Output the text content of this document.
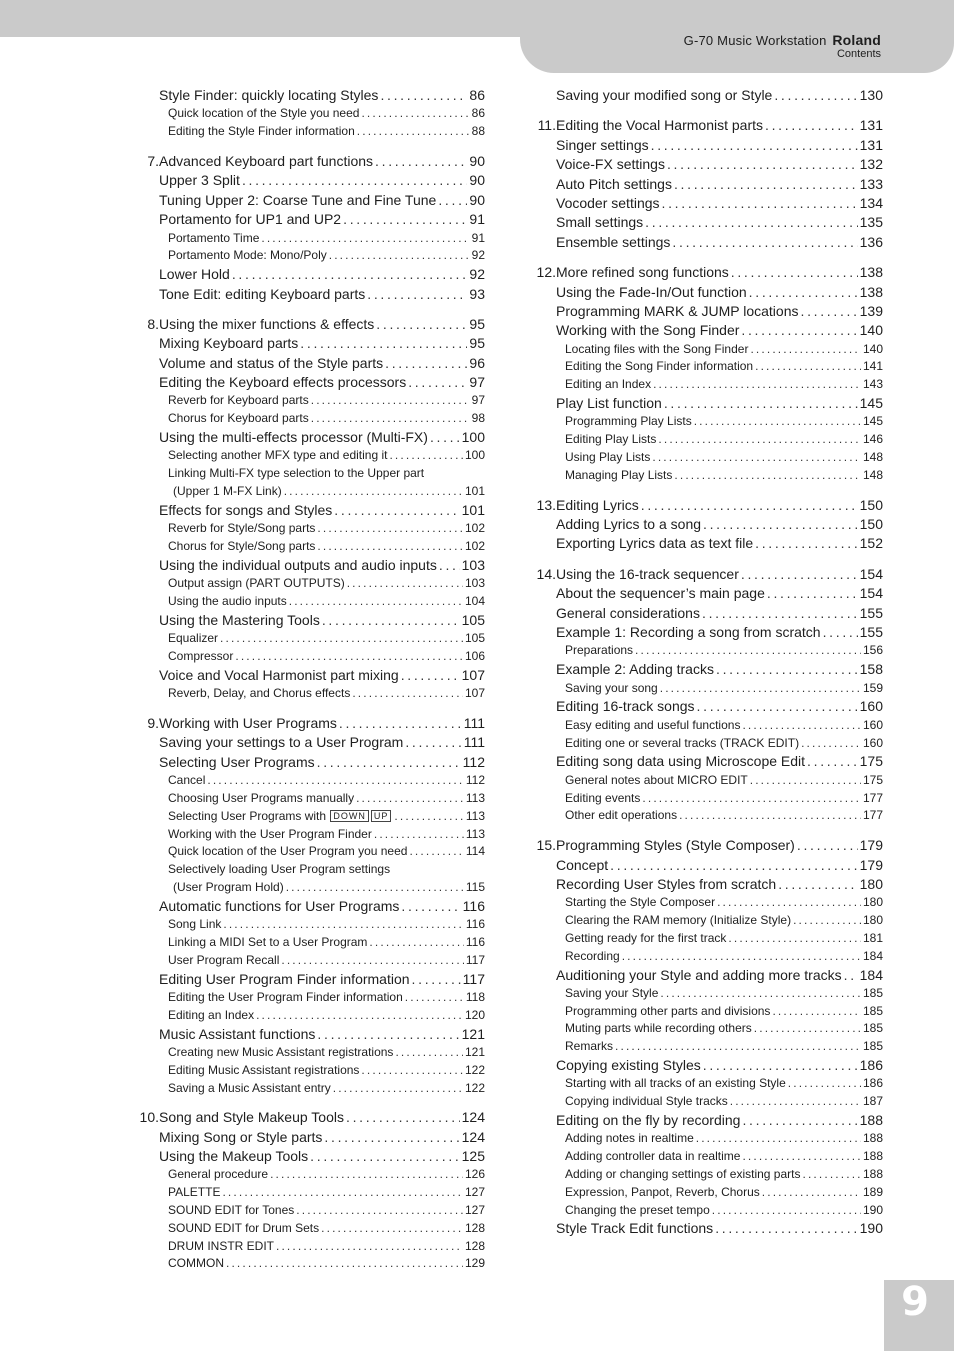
G-70 Music Workstation Roland
Contents
Style Finder: quickly locating Styles . . .	86
Quick location of the Style you need . . .	86
Editing the Style Finder information . . .	88
7. Advanced Keyboard part functions . . .	90
Upper 3 Split . . .	90
Tuning Upper 2: Coarse Tune and Fine Tune . . . 90
Portamento for UP1 and UP2 . . .	91
Portamento Time . . .	91
Portamento Mode: Mono/Poly . . .	92
Lower Hold . . .	92
Tone Edit: editing Keyboard parts . . .	93
8. Using the mixer functions & effects . . .	95
Mixing Keyboard parts . . .	95
Volume and status of the Style parts . . .	96
Editing the Keyboard effects processors . . .	97
Reverb for Keyboard parts . . .	97
Chorus for Keyboard parts . . .	98
Using the multi-effects processor (Multi-FX) . . . 100
Selecting another MFX type and editing it . . .	100
Linking Multi-FX type selection to the Upper part
(Upper 1 M-FX Link) . . .	101
Effects for songs and Styles . . .	101
Reverb for Style/Song parts . . .	102
Chorus for Style/Song parts . . .	102
Using the individual outputs and audio inputs . . . 103
Output assign (PART OUTPUTS) . . .	103
Using the audio inputs . . .	104
Using the Mastering Tools . . .	105
Equalizer . . .	105
Compressor . . .	106
Voice and Vocal Harmonist part mixing . . .	107
Reverb, Delay, and Chorus effects . . .	107
9. Working with User Programs . . .	111
Saving your settings to a User Program . . .	111
Selecting User Programs . . .	112
Cancel . . .	112
Choosing User Programs manually . . .	113
Selecting User Programs with DOWN UP . . .	113
Working with the User Program Finder . . .	113
Quick location of the User Program you need . . .	114
Selectively loading User Program settings
(User Program Hold) . . .	115
Automatic functions for User Programs . . .	116
Song Link . . .	116
Linking a MIDI Set to a User Program . . .	116
User Program Recall . . .	117
Editing User Program Finder information . . .	117
Editing the User Program Finder information . . .	118
Editing an Index . . .	120
Music Assistant functions . . .	121
Creating new Music Assistant registrations . . .	121
Editing Music Assistant registrations . . .	122
Saving a Music Assistant entry . . .	122
10. Song and Style Makeup Tools . . .	124
Mixing Song or Style parts . . .	124
Using the Makeup Tools . . .	125
General procedure . . .	126
PALETTE . . .	127
SOUND EDIT for Tones . . .	127
SOUND EDIT for Drum Sets . . .	128
DRUM INSTR EDIT . . .	128
COMMON . . .	129
Saving your modified song or Style . . .	130
11. Editing the Vocal Harmonist parts . . .	131
Singer settings . . .	131
Voice-FX settings . . .	132
Auto Pitch settings . . .	133
Vocoder settings . . .	134
Small settings . . .	135
Ensemble settings . . .	136
12. More refined song functions . . .	138
Using the Fade-In/Out function . . .	138
Programming MARK & JUMP locations . . .	139
Working with the Song Finder . . .	140
Locating files with the Song Finder . . .	140
Editing the Song Finder information . . .	141
Editing an Index . . .	143
Play List function . . .	145
Programming Play Lists . . .	145
Editing Play Lists . . .	146
Using Play Lists . . .	148
Managing Play Lists . . .	148
13. Editing Lyrics . . .	150
Adding Lyrics to a song . . .	150
Exporting Lyrics data as text file . . .	152
14. Using the 16-track sequencer . . .	154
About the sequencer’s main page . . .	154
General considerations . . .	155
Example 1: Recording a song from scratch . . .	155
Preparations . . .	156
Example 2: Adding tracks . . .	158
Saving your song . . .	159
Editing 16-track songs . . .	160
Easy editing and useful functions . . .	160
Editing one or several tracks (TRACK EDIT) . . .	160
Editing song data using Microscope Edit . . .	175
General notes about MICRO EDIT . . .	175
Editing events . . .	177
Other edit operations . . .	177
15. Programming Styles (Style Composer) . . .	179
Concept . . .	179
Recording User Styles from scratch . . .	180
Starting the Style Composer . . .	180
Clearing the RAM memory (Initialize Style) . . .	180
Getting ready for the first track . . .	181
Recording . . .	184
Auditioning your Style and adding more tracks . . . 184
Saving your Style . . .	185
Programming other parts and divisions . . .	185
Muting parts while recording others . . .	185
Remarks . . .	185
Copying existing Styles . . .	186
Starting with all tracks of an existing Style . . .	186
Copying individual Style tracks . . .	187
Editing on the fly by recording . . .	188
Adding notes in realtime . . .	188
Adding controller data in realtime . . .	188
Adding or changing settings of existing parts . . .	188
Expression, Panpot, Reverb, Chorus . . .	189
Changing the preset tempo . . .	190
Style Track Edit functions . . .	190
9
